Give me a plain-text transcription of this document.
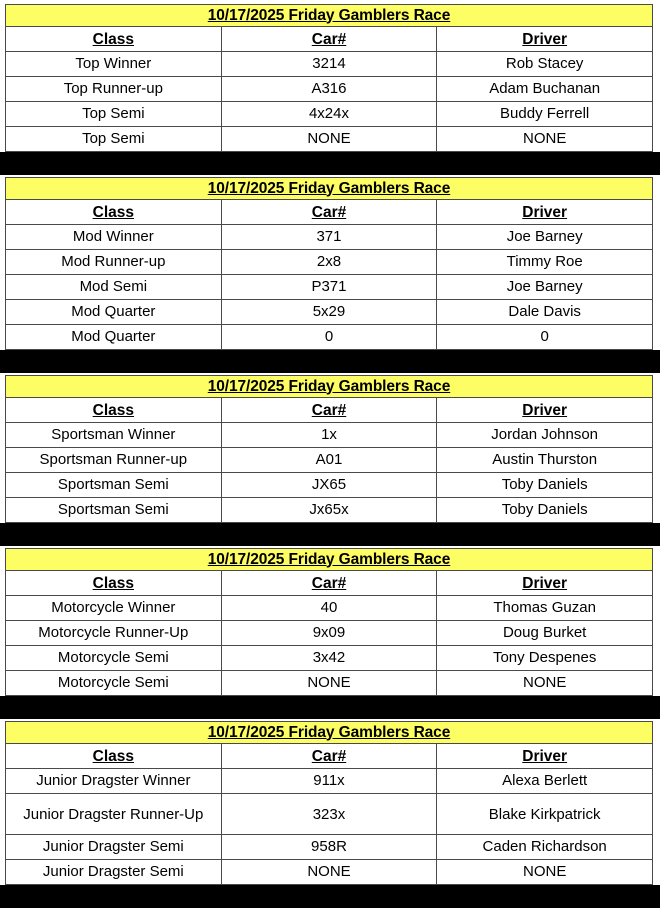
10/17/2025 Friday Gamblers Race		
Class	Car#	Driver
Top Winner	3214	Rob Stacey
Top Runner-up	A316	Adam Buchanan
Top Semi	4x24x	Buddy Ferrell
Top Semi	NONE	NONE
10/17/2025 Friday Gamblers Race		
Class	Car#	Driver
Mod Winner	371	Joe Barney
Mod Runner-up	2x8	Timmy Roe
Mod Semi	P371	Joe Barney
Mod Quarter	5x29	Dale Davis
Mod Quarter	0	0
10/17/2025 Friday Gamblers Race		
Class	Car#	Driver
Sportsman Winner	1x	Jordan Johnson
Sportsman Runner-up	A01	Austin Thurston
Sportsman Semi	JX65	Toby Daniels
Sportsman Semi	Jx65x	Toby Daniels
10/17/2025 Friday Gamblers Race		
Class	Car#	Driver
Motorcycle Winner	40	Thomas Guzan
Motorcycle Runner-Up	9x09	Doug Burket
Motorcycle Semi	3x42	Tony Despenes
Motorcycle Semi	NONE	NONE
10/17/2025 Friday Gamblers Race		
Class	Car#	Driver
Junior Dragster Winner	911x	Alexa Berlett
Junior Dragster Runner-Up	323x	Blake Kirkpatrick
Junior Dragster Semi	958R	Caden Richardson
Junior Dragster Semi	NONE	NONE
